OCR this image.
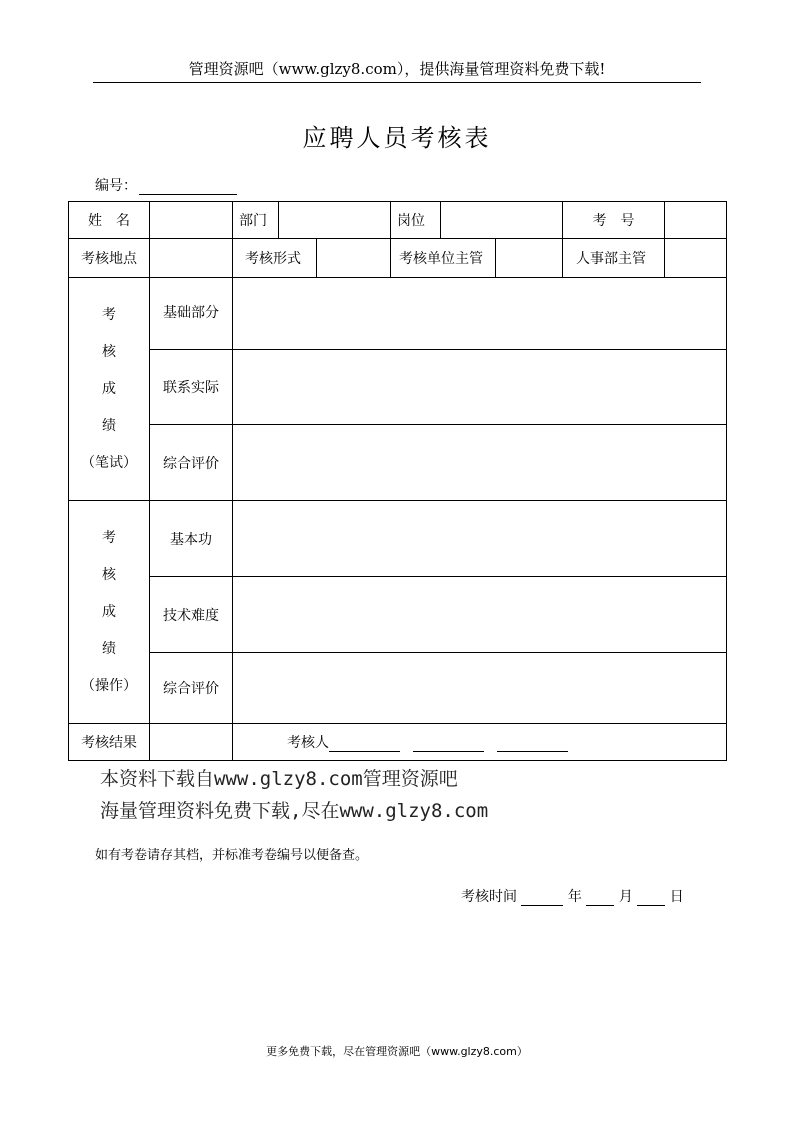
管理资源吧（www.glzy8.com），提供海量管理资料免费下载!
应聘人员考核表
编号：
姓　名		部门			岗位			考　号	
考核地点		考核形式			考核单位主管			人事部主管	

考
核
成
绩
（笔试）	基础部分								
	联系实际								
	综合评价								

考
核
成
绩
（操作）	基本功								
	技术难度								
	综合评价								
考核结果		考核人							
本资料下载自www.glzy8.com管理资源吧
海量管理资料免费下载,尽在www.glzy8.com
如有考卷请存其档，并标准考卷编号以便备查。
考核时间	年	月	日
更多免费下载，尽在管理资源吧（www.glzy8.com）
